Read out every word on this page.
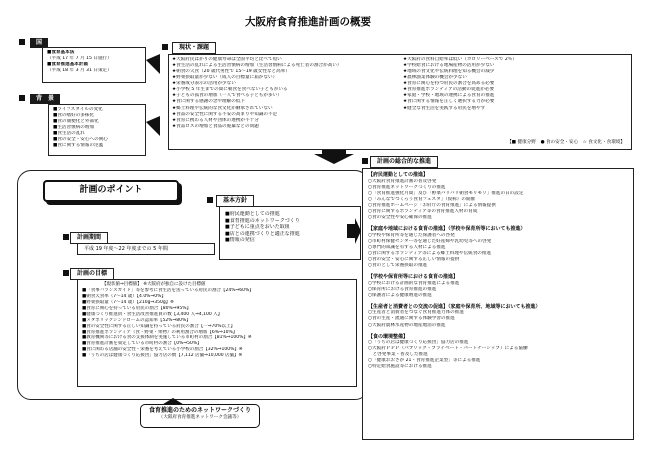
大阪府食育推進計画の概要
国
■食育基本法
（平成 17 年 7 月 15 日施行）
■食育推進基本計画
（平成 18 年 3 月 31 日策定）
背　景
■ライフスタイルの変化
■食の嗜好の多様化
■食の簡便化と外部化
■生活習慣病の増加
■食生活の乱れ
■食の安全・安心への関心
■食に関する情報の氾濫
現状・課題
★大阪府民ばかりの健康寿命は全国平均と比べて短い
★食生活の乱れによる生活習慣病の増加（生活習慣病による死亡者の割合が高い）
★朝食の欠食（20 歳代男性で 15〜19 歳女性など高率）
★野菜摂取量が少ない（成人の目標量に届かない）
★栄養成分表示の活用が少ない
★小学校 5 年生までの間に朝食を食べない子どもがいる
★子どもの孤食の増加（一人で食べる子どもが多い）
★食に関する感謝の念や理解の低下
★郷土料理や伝統的な食文化が継承されていない
★食品の安全性に関する不安の高まりや知識の不足
★食育に携わる人材や団体の連携が不十分
★食品ロスの増加と食品の廃棄などの問題
★大阪府の食料自給率は低い（カロリーベースで 2％）
★学校給食における地場産物の活用が少ない
★地域の食文化や伝統料理を知る機会の減少
★農林漁業体験の機会が少ない
★食育に関心を持つ府民の割合を高める必要
★食育推進ボランティアの活動の促進が必要
★家庭・学校・地域の連携による食育の推進
★食に関する情報を正しく選択する力が必要
★健全な食生活を実践する府民を増やす
【■ 健康分野　● 食の安全・安心　☆ 食文化・食環境】
計画のポイント
基本方針
■府民運動としての推進
■食育推進のネットワークづくり
■子どもに重点をおいた取組
■店との連携づくりと適正な推進
■情報の発信
計画期間
平成 19 年度〜22 年度までの 5 年間
計画の目標
【現状値⇒目標値】 ※大阪府が独自に設けた目標値
■「食事バランスガイド」等を参考に食生活を送っている府民の割合【24%⇒60%】
■朝食欠食率（7〜14 歳）【4.0%⇒0%】
■野菜摂取量（7〜14 歳）【210g⇒350g】※
■食育に関心を持っている府民の割合【80%⇒95%】
■健康づくり推進員・食生活改善推進員の数【3,400 人⇒4,100 人】
■メタボリックシンドロームの認知率【52%⇒80%】
■食の安全性に関する正しい知識を持っている府民の割合【一⇒70%以上】
■食育推進ボランティア（食・野菜・果物）の利用割合の増加【6%⇒10%】
■教育機関等における食の支援体制を実施している市町村の割合【81%⇒100%】※
■食育推進計画を策定している市町村の割合【0%⇒50%】
■食に関わる店舗の安全性・栄養を考えている小学校の割合【32%⇒100%】※
■「うちの店は健康づくり応援団」協力店の数【7,112 店舗⇒10,000 店舗】※
食育推進のためのネットワークづくり
（大阪府食育推進ネットワーク会議等）
計画の総合的な推進
【府民運動としての推進】
○大阪府食育推進計画の普及啓発
○食育推進ネットワークづくりの推進
○「食育推進強化月間」及び「野菜バリバリ朝食モリモリ」推進の日の設定
○「みんなでつくろう食育フェスタ」（仮称）の開催
○食育推進ホームページ「お府庁の食育推進」による情報提供
○食育に関するボランティア等の食育推進人材の育成
○食の安全性や安心確保の推進
【家庭や地域における食育の推進】（学校や保育所等においても推進）
○学校や保育所等を通じた保護者への啓発
○市町村保健センター等を通じた妊産婦や乳幼児等への啓発
○専門的知識を有する人材による推進
○食に関するボランティア等による郷土料理や伝統食の推進
○食の安全・安心に関する正しい情報の提供
○食のとして栄養摂取の推進
【学校や保育所等における食育の推進】
○学校における計画的な食育推進による推進
○保育所における食育推進の推進
○保護者による健康増進の推進
【生産者と消費者との交流の促進】（家庭や保育所、地域等においても推進）
○生産者と消費者をつなぐ食育推進力体の推進
○食の生産・流通に関する体験学習の推進
○大阪府農林水産物の地産地消の推進
【食の環境整備】
○「うちの店は健康づくり応援団」協力店の推進
○大阪府ＰＰＰ（パブリック・プライベート・パートナーシップ）による協働
　と啓発事業・普及した推進
○「健康おおさか 21・食育推進企業型」等による推進
○特定給食施設等における推進
